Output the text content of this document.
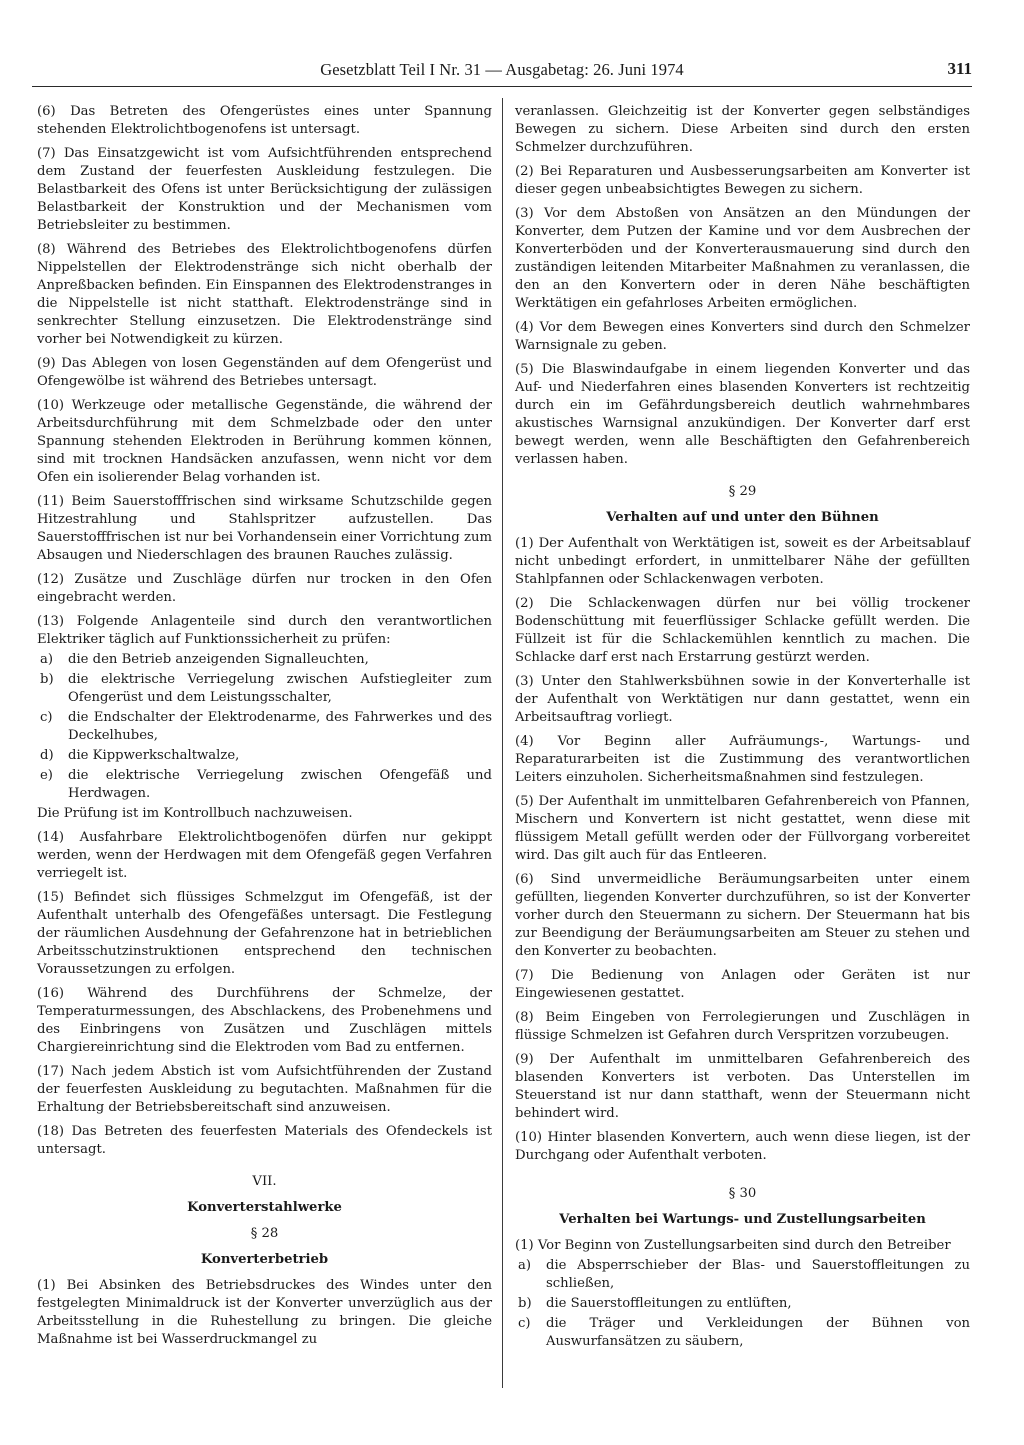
Gesetzblatt Teil I Nr. 31 — Ausgabetag: 26. Juni 1974	311

(6) Das Betreten des Ofengerüstes eines unter Spannung stehenden Elektrolichtbogenofens ist untersagt.

(7) Das Einsatzgewicht ist vom Aufsichtführenden entsprechend dem Zustand der feuerfesten Auskleidung festzulegen. Die Belastbarkeit des Ofens ist unter Berücksichtigung der zulässigen Belastbarkeit der Konstruktion und der Mechanismen vom Betriebsleiter zu bestimmen.

(8) Während des Betriebes des Elektrolichtbogenofens dürfen Nippelstellen der Elektrodenstränge sich nicht oberhalb der Anpreßbacken befinden. Ein Einspannen des Elektrodenstranges in die Nippelstelle ist nicht statthaft. Elektrodenstränge sind in senkrechter Stellung einzusetzen. Die Elektrodenstränge sind vorher bei Notwendigkeit zu kürzen.

(9) Das Ablegen von losen Gegenständen auf dem Ofengerüst und Ofengewölbe ist während des Betriebes untersagt.

(10) Werkzeuge oder metallische Gegenstände, die während der Arbeitsdurchführung mit dem Schmelzbade oder den unter Spannung stehenden Elektroden in Berührung kommen können, sind mit trocknen Handsäcken anzufassen, wenn nicht vor dem Ofen ein isolierender Belag vorhanden ist.

(11) Beim Sauerstofffrischen sind wirksame Schutzschilde gegen Hitzestrahlung und Stahlspritzer aufzustellen. Das Sauerstofffrischen ist nur bei Vorhandensein einer Vorrichtung zum Absaugen und Niederschlagen des braunen Rauches zulässig.

(12) Zusätze und Zuschläge dürfen nur trocken in den Ofen eingebracht werden.

(13) Folgende Anlagenteile sind durch den verantwortlichen Elektriker täglich auf Funktionssicherheit zu prüfen:

a)	die den Betrieb anzeigenden Signalleuchten,
b)	die elektrische Verriegelung zwischen Aufstiegleiter zum Ofengerüst und dem Leistungsschalter,
c)	die Endschalter der Elektrodenarme, des Fahrwerkes und des Deckelhubes,
d)	die Kippwerkschaltwalze,
e)	die elektrische Verriegelung zwischen Ofengefäß und Herdwagen.

Die Prüfung ist im Kontrollbuch nachzuweisen.

(14) Ausfahrbare Elektrolichtbogenöfen dürfen nur gekippt werden, wenn der Herdwagen mit dem Ofengefäß gegen Verfahren verriegelt ist.

(15) Befindet sich flüssiges Schmelzgut im Ofengefäß, ist der Aufenthalt unterhalb des Ofengefäßes untersagt. Die Festlegung der räumlichen Ausdehnung der Gefahrenzone hat in betrieblichen Arbeitsschutzinstruktionen entsprechend den technischen Voraussetzungen zu erfolgen.

(16) Während des Durchführens der Schmelze, der Temperaturmessungen, des Abschlackens, des Probenehmens und des Einbringens von Zusätzen und Zuschlägen mittels Chargiereinrichtung sind die Elektroden vom Bad zu entfernen.

(17) Nach jedem Abstich ist vom Aufsichtführenden der Zustand der feuerfesten Auskleidung zu begutachten. Maßnahmen für die Erhaltung der Betriebsbereitschaft sind anzuweisen.

(18) Das Betreten des feuerfesten Materials des Ofendeckels ist untersagt.

VII.
Konverterstahlwerke
§ 28
Konverterbetrieb

(1) Bei Absinken des Betriebsdruckes des Windes unter den festgelegten Minimaldruck ist der Konverter unverzüglich aus der Arbeitsstellung in die Ruhestellung zu bringen. Die gleiche Maßnahme ist bei Wasserdruckmangel zu

veranlassen. Gleichzeitig ist der Konverter gegen selbständiges Bewegen zu sichern. Diese Arbeiten sind durch den ersten Schmelzer durchzuführen.

(2) Bei Reparaturen und Ausbesserungsarbeiten am Konverter ist dieser gegen unbeabsichtigtes Bewegen zu sichern.

(3) Vor dem Abstoßen von Ansätzen an den Mündungen der Konverter, dem Putzen der Kamine und vor dem Ausbrechen der Konverterböden und der Konverterausmauerung sind durch den zuständigen leitenden Mitarbeiter Maßnahmen zu veranlassen, die den an den Konvertern oder in deren Nähe beschäftigten Werktätigen ein gefahrloses Arbeiten ermöglichen.

(4) Vor dem Bewegen eines Konverters sind durch den Schmelzer Warnsignale zu geben.

(5) Die Blaswindaufgabe in einem liegenden Konverter und das Auf- und Niederfahren eines blasenden Konverters ist rechtzeitig durch ein im Gefährdungsbereich deutlich wahrnehmbares akustisches Warnsignal anzukündigen. Der Konverter darf erst bewegt werden, wenn alle Beschäftigten den Gefahrenbereich verlassen haben.

§ 29
Verhalten auf und unter den Bühnen

(1) Der Aufenthalt von Werktätigen ist, soweit es der Arbeitsablauf nicht unbedingt erfordert, in unmittelbarer Nähe der gefüllten Stahlpfannen oder Schlackenwagen verboten.

(2) Die Schlackenwagen dürfen nur bei völlig trockener Bodenschüttung mit feuerflüssiger Schlacke gefüllt werden. Die Füllzeit ist für die Schlackemühlen kenntlich zu machen. Die Schlacke darf erst nach Erstarrung gestürzt werden.

(3) Unter den Stahlwerksbühnen sowie in der Konverterhalle ist der Aufenthalt von Werktätigen nur dann gestattet, wenn ein Arbeitsauftrag vorliegt.

(4) Vor Beginn aller Aufräumungs-, Wartungs- und Reparaturarbeiten ist die Zustimmung des verantwortlichen Leiters einzuholen. Sicherheitsmaßnahmen sind festzulegen.

(5) Der Aufenthalt im unmittelbaren Gefahrenbereich von Pfannen, Mischern und Konvertern ist nicht gestattet, wenn diese mit flüssigem Metall gefüllt werden oder der Füllvorgang vorbereitet wird. Das gilt auch für das Entleeren.

(6) Sind unvermeidliche Beräumungsarbeiten unter einem gefüllten, liegenden Konverter durchzuführen, so ist der Konverter vorher durch den Steuermann zu sichern. Der Steuermann hat bis zur Beendigung der Beräumungsarbeiten am Steuer zu stehen und den Konverter zu beobachten.

(7) Die Bedienung von Anlagen oder Geräten ist nur Eingewiesenen gestattet.

(8) Beim Eingeben von Ferrolegierungen und Zuschlägen in flüssige Schmelzen ist Gefahren durch Verspritzen vorzubeugen.

(9) Der Aufenthalt im unmittelbaren Gefahrenbereich des blasenden Konverters ist verboten. Das Unterstellen im Steuerstand ist nur dann statthaft, wenn der Steuermann nicht behindert wird.

(10) Hinter blasenden Konvertern, auch wenn diese liegen, ist der Durchgang oder Aufenthalt verboten.

§ 30
Verhalten bei Wartungs- und Zustellungsarbeiten

(1) Vor Beginn von Zustellungsarbeiten sind durch den Betreiber

a)	die Absperrschieber der Blas- und Sauerstoffleitungen zu schließen,
b)	die Sauerstoffleitungen zu entlüften,
c)	die Träger und Verkleidungen der Bühnen von Auswurfansätzen zu säubern,
